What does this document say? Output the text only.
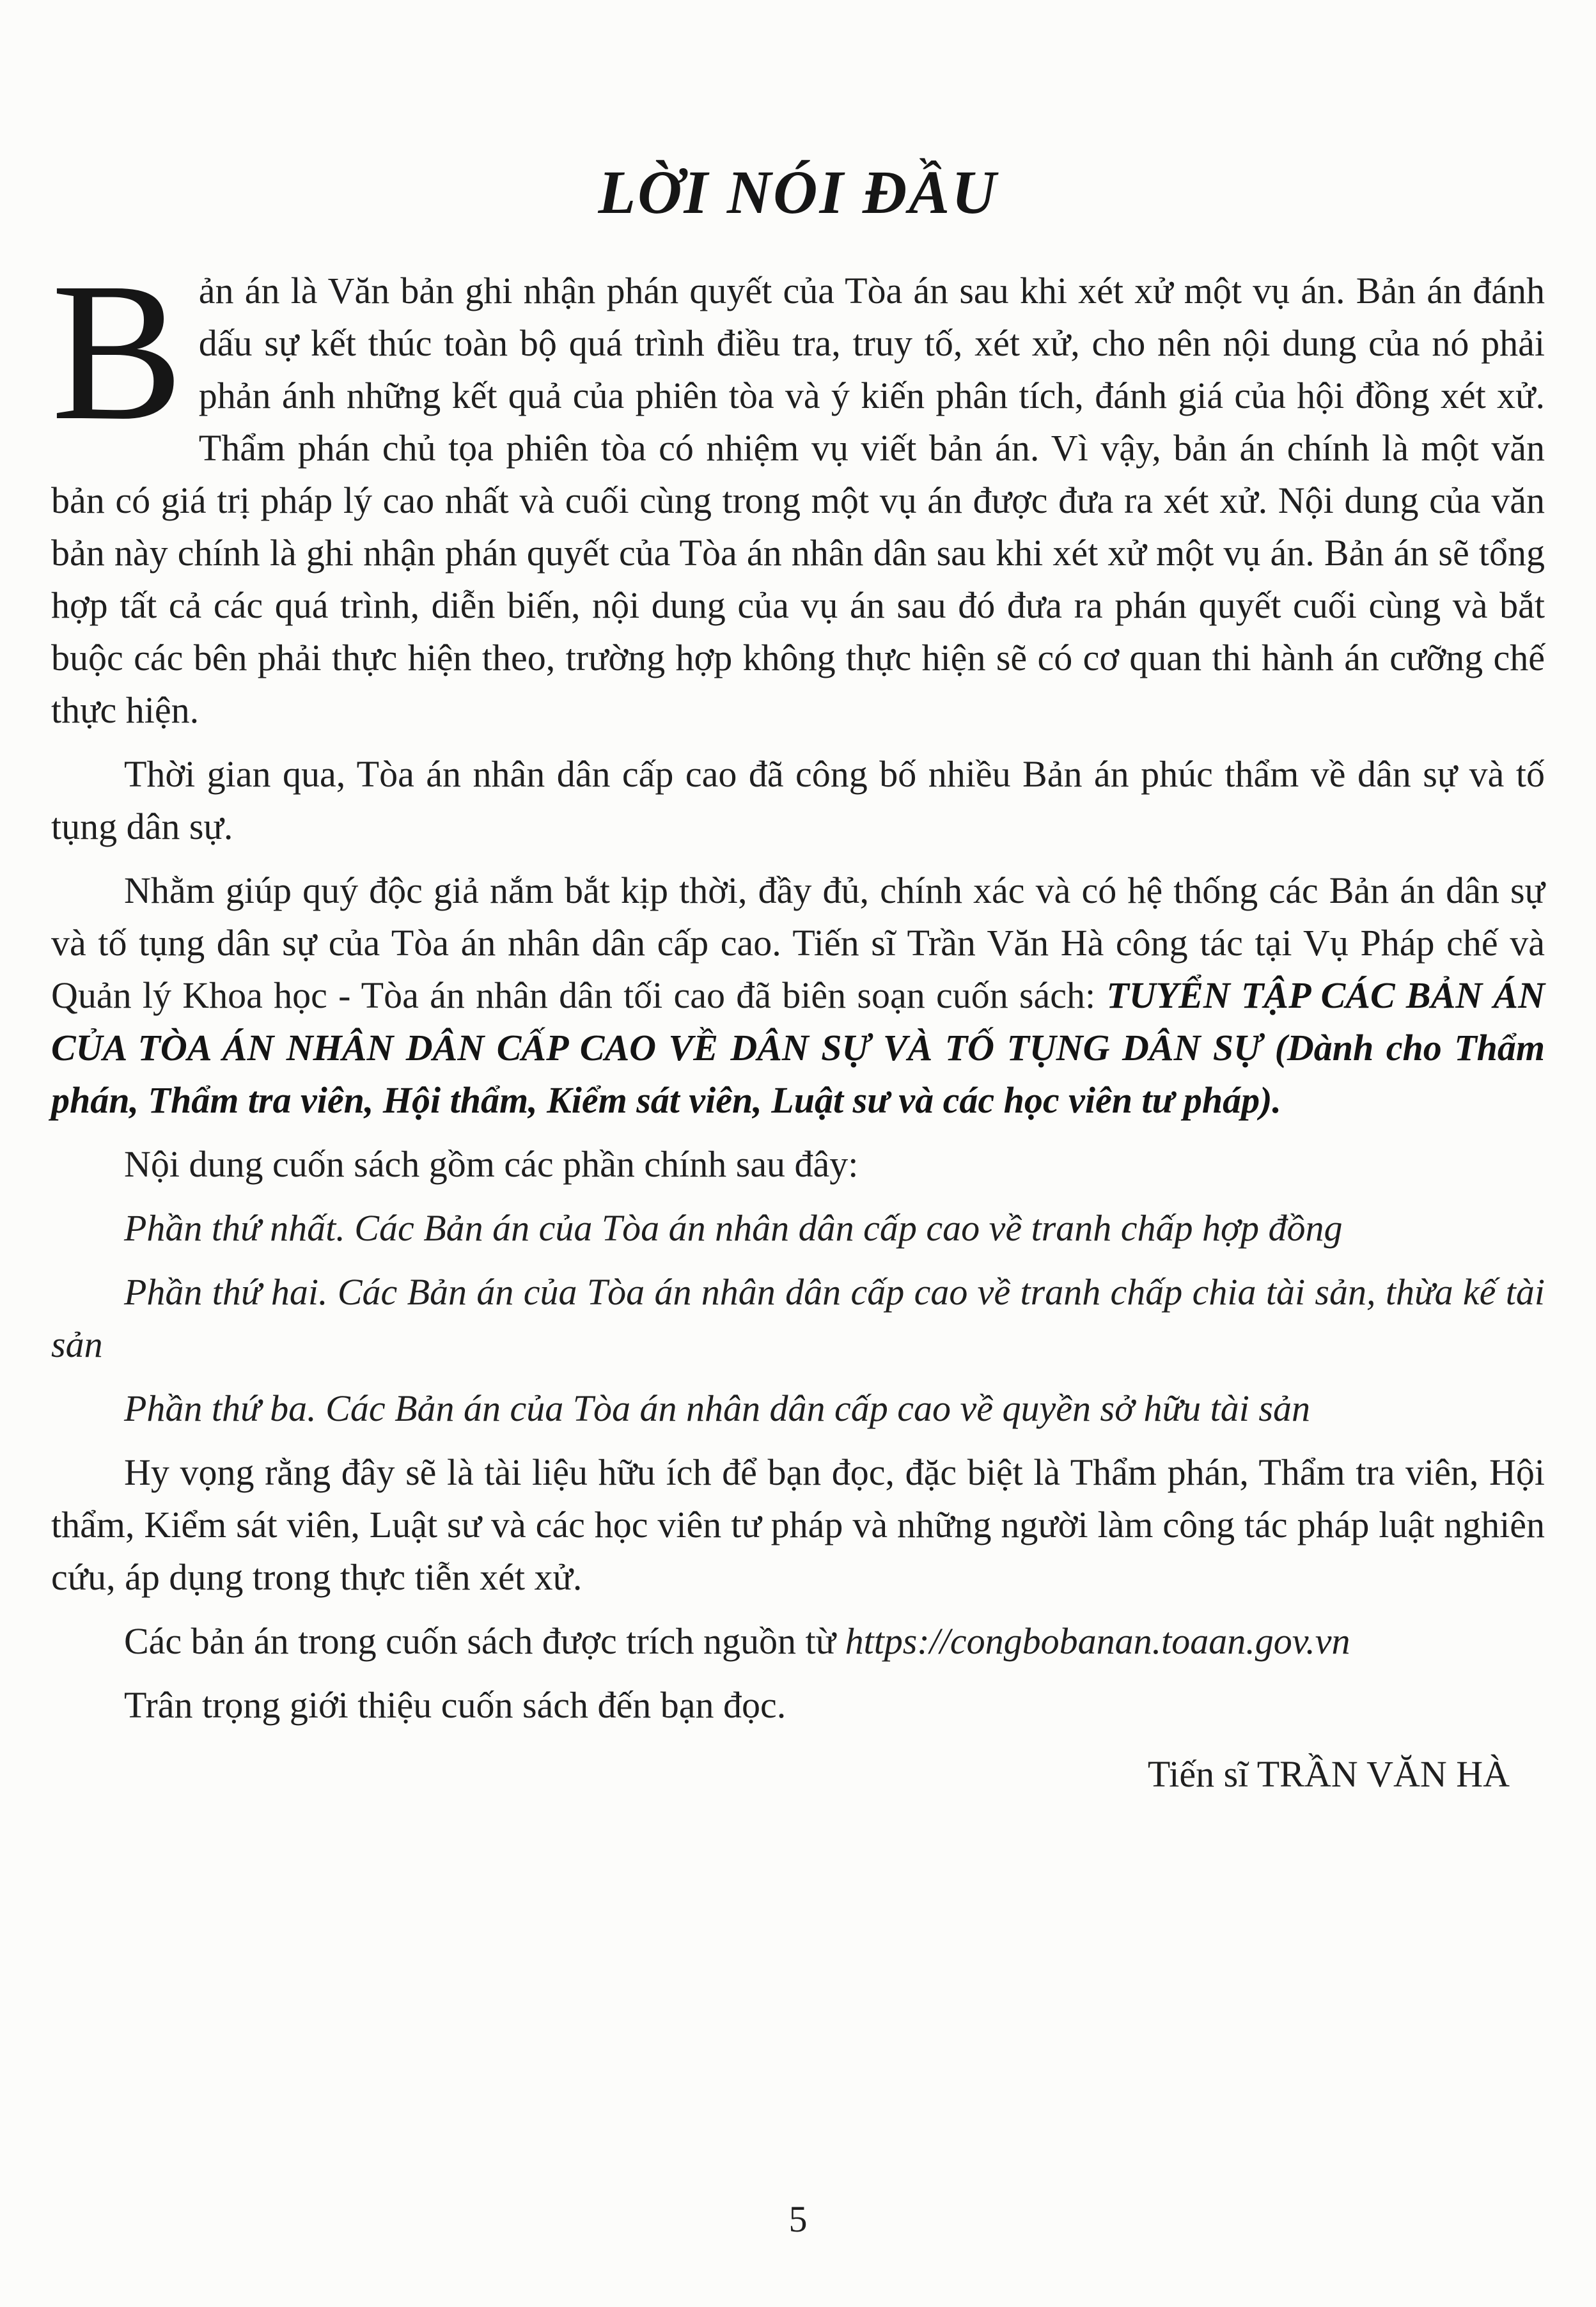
LỜI NÓI ĐẦU

Bản án là Văn bản ghi nhận phán quyết của Tòa án sau khi xét xử một vụ án. Bản án đánh dấu sự kết thúc toàn bộ quá trình điều tra, truy tố, xét xử, cho nên nội dung của nó phải phản ánh những kết quả của phiên tòa và ý kiến phân tích, đánh giá của hội đồng xét xử. Thẩm phán chủ tọa phiên tòa có nhiệm vụ viết bản án. Vì vậy, bản án chính là một văn bản có giá trị pháp lý cao nhất và cuối cùng trong một vụ án được đưa ra xét xử. Nội dung của văn bản này chính là ghi nhận phán quyết của Tòa án nhân dân sau khi xét xử một vụ án. Bản án sẽ tổng hợp tất cả các quá trình, diễn biến, nội dung của vụ án sau đó đưa ra phán quyết cuối cùng và bắt buộc các bên phải thực hiện theo, trường hợp không thực hiện sẽ có cơ quan thi hành án cưỡng chế thực hiện.

Thời gian qua, Tòa án nhân dân cấp cao đã công bố nhiều Bản án phúc thẩm về dân sự và tố tụng dân sự.

Nhằm giúp quý độc giả nắm bắt kịp thời, đầy đủ, chính xác và có hệ thống các Bản án dân sự và tố tụng dân sự của Tòa án nhân dân cấp cao. Tiến sĩ Trần Văn Hà công tác tại Vụ Pháp chế và Quản lý Khoa học - Tòa án nhân dân tối cao đã biên soạn cuốn sách: TUYỂN TẬP CÁC BẢN ÁN CỦA TÒA ÁN NHÂN DÂN CẤP CAO VỀ DÂN SỰ VÀ TỐ TỤNG DÂN SỰ (Dành cho Thẩm phán, Thẩm tra viên, Hội thẩm, Kiểm sát viên, Luật sư và các học viên tư pháp).

Nội dung cuốn sách gồm các phần chính sau đây:

Phần thứ nhất. Các Bản án của Tòa án nhân dân cấp cao về tranh chấp hợp đồng

Phần thứ hai. Các Bản án của Tòa án nhân dân cấp cao về tranh chấp chia tài sản, thừa kế tài sản

Phần thứ ba. Các Bản án của Tòa án nhân dân cấp cao về quyền sở hữu tài sản

Hy vọng rằng đây sẽ là tài liệu hữu ích để bạn đọc, đặc biệt là Thẩm phán, Thẩm tra viên, Hội thẩm, Kiểm sát viên, Luật sư và các học viên tư pháp và những người làm công tác pháp luật nghiên cứu, áp dụng trong thực tiễn xét xử.

Các bản án trong cuốn sách được trích nguồn từ https://congbobanan.toaan.gov.vn

Trân trọng giới thiệu cuốn sách đến bạn đọc.

Tiến sĩ TRẦN VĂN HÀ

5
